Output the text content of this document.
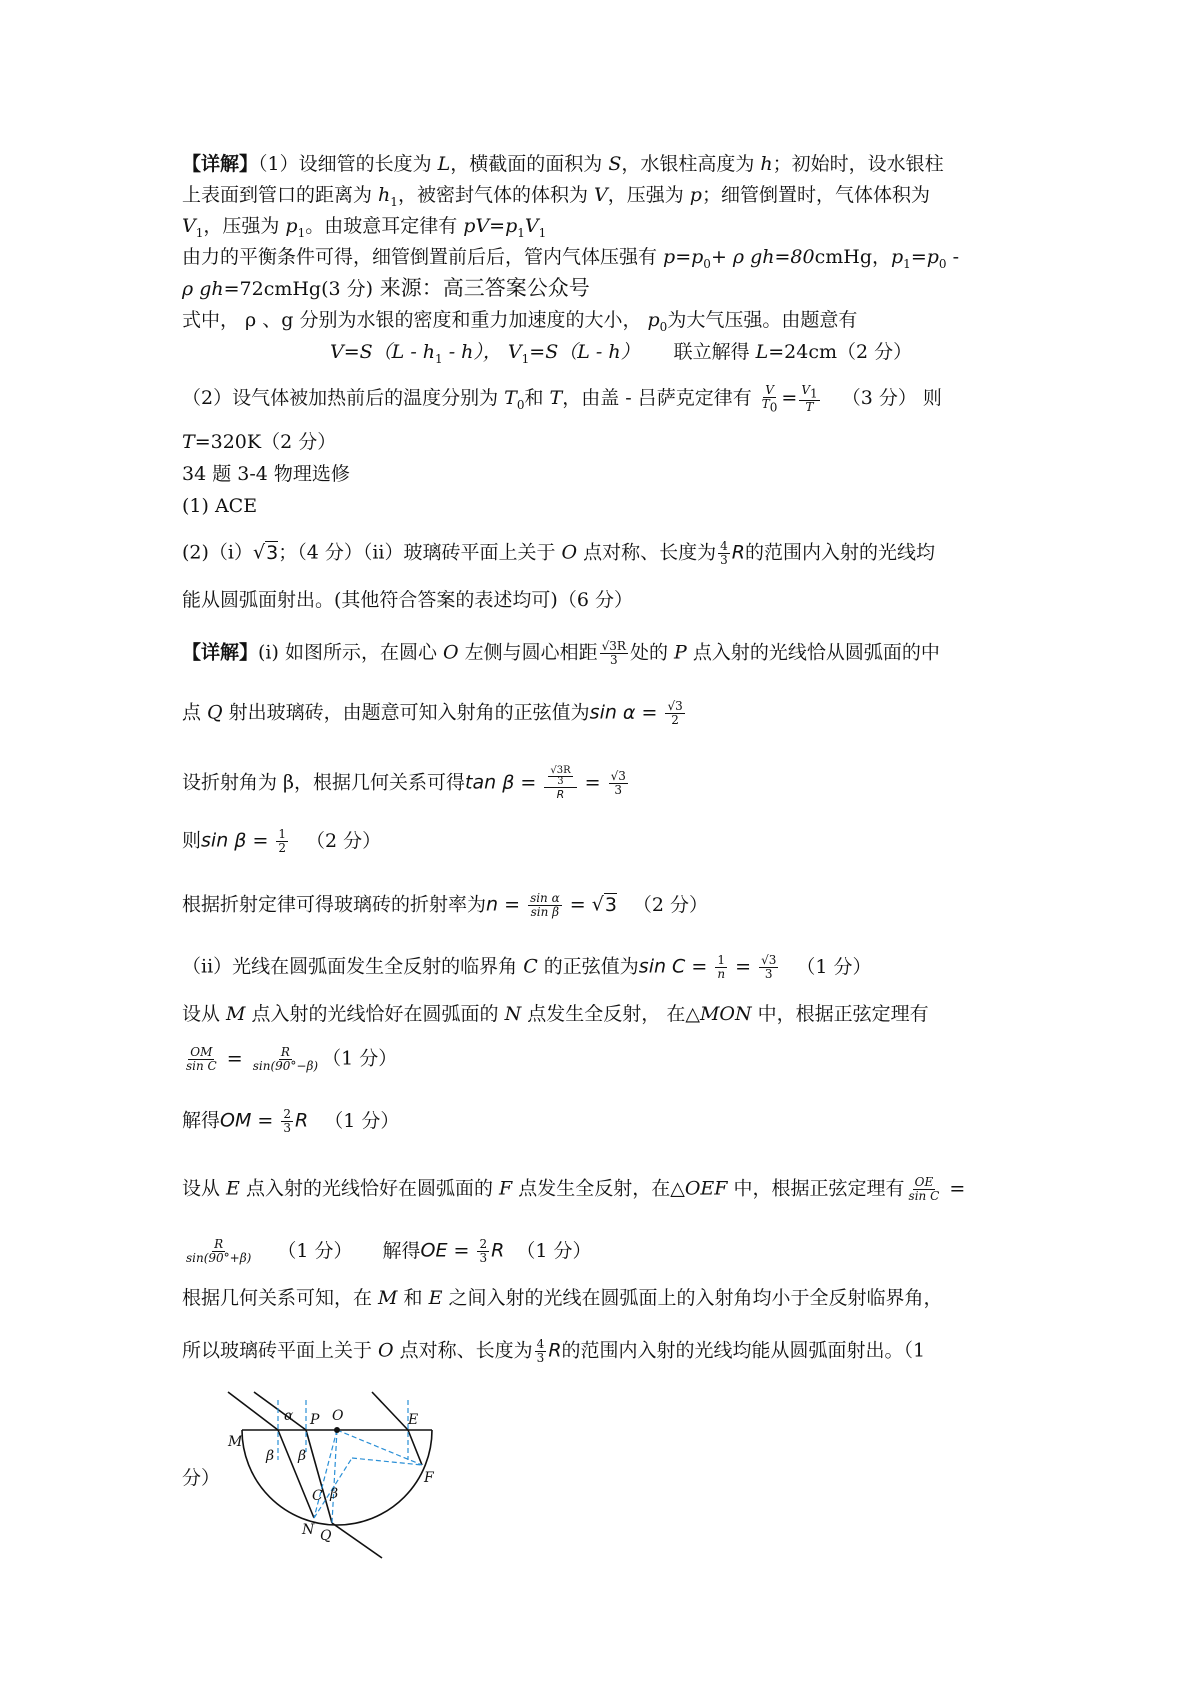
【详解】（1）设细管的长度为 L，横截面的面积为 S，水银柱高度为 h；初始时，设水银柱
上表面到管口的距离为 $h_1$，被密封气体的体积为 V，压强为 p；细管倒置时，气体体积为
$V_1$，压强为 $p_1$。由玻意耳定律有 $pV=p_1V_1$
由力的平衡条件可得，细管倒置前后后，管内气体压强有 $p=p_0+ \rho$ gh=80cmHg，$p_1=p_0$ -
ρ gh=72cmHg(3 分) 来源：高三答案公众号
式中， ρ 、g 分别为水银的密度和重力加速度的大小， $p_0$为大气压强。由题意有
$V=S(L - h_1 - h)$， $V_1=S(L - h)$ 联立解得 L=24cm（2 分）
（2）设气体被加热前后的温度分别为 $T_0$和 T，由盖 - 吕萨克定律有 $\frac{V}{T_0} = \frac{V_1}{T} (3$ 分） 则
T=320K（2 分）
34 题 3-4 物理选修
(1) ACE
(2)（i）√3；（4 分）（ii）玻璃砖平面上关于 O 点对称、长度为 $\frac{4}{3}$ R的范围内入射的光线均
能从圆弧面射出。(其他符合答案的表述均可)（6 分）
【详解】(i) 如图所示，在圆心 O 左侧与圆心相距 $\frac{√3R}{3}$ 处的 P 点入射的光线恰从圆弧面的中
点 Q 射出玻璃砖，由题意可知入射角的正弦值为$\sin \alpha = \frac{√3}{2}$
设折射角为 β，根据几何关系可得$\tan \beta = \frac{\frac{√3R}{3}}{R} = \frac{√3}{3}$
则$\sin \beta = \frac{1}{2} (2$ 分）
根据折射定律可得玻璃砖的折射率为$n = \frac{\text{sin α}}{\text{sin β}} = √3$ （2 分）
（ii）光线在圆弧面发生全反射的临界角 C 的正弦值为$\sin C = \frac{1}{n} = \frac{√3}{3} (1$ 分）
设从 M 点入射的光线恰好在圆弧面的 N 点发生全反射， 在△MON 中，根据正弦定理有
$\frac{OM}{\text{sin C}} = \frac{R}{\sin(90^\circ-\beta)} (1$ 分）
解得OM = $\frac{2}{3}$ R （1 分）
设从 E 点入射的光线恰好在圆弧面的 F 点发生全反射，在△OEF 中，根据正弦定理有 $\frac{OE}{\text{sin C}}$ =
$\frac{R}{\sin(90^\circ+\beta)} (1$ 分） 解得OE = $\frac{2}{3}$ R （1 分）
根据几何关系可知，在 M 和 E 之间入射的光线在圆弧面上的入射角均小于全反射临界角，
所以玻璃砖平面上关于 O 点对称、长度为 $\frac{4}{3}$ R的范围内入射的光线均能从圆弧面射出。（1
分）
α P O	E
M
β β
F
C β
N Q
